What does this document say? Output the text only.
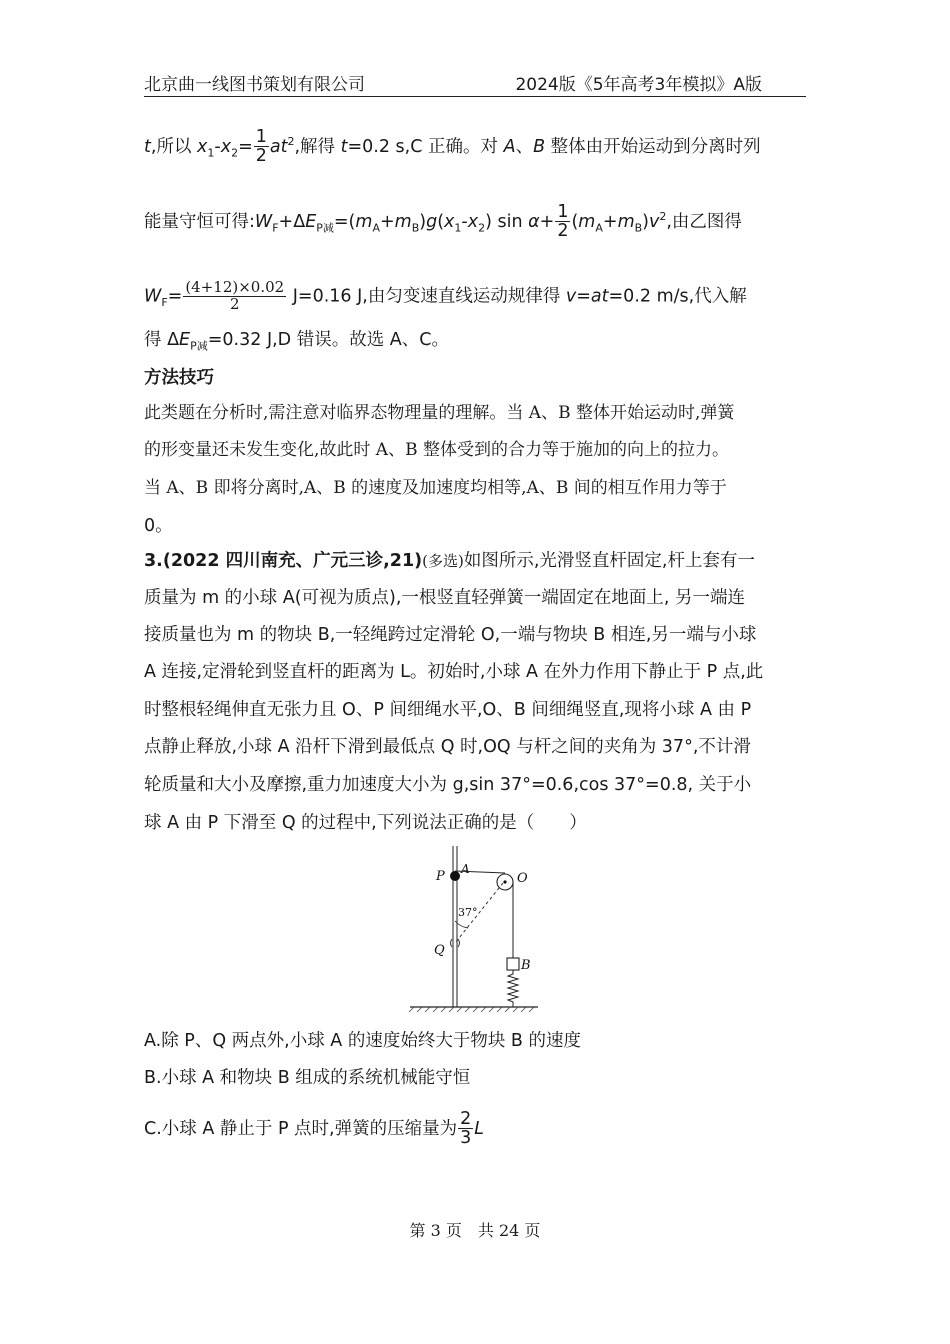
北京曲一线图书策划有限公司	2024版《5年高考3年模拟》A版
t,所以 $x_1-x_2= \frac{1}{2} at^2$,解得 t=0.2 s,C 正确。对 A、B 整体由开始运动到分离时列
能量守恒可得$:W_F+\Delta E_{P减}=(m_A+m_B)g(x_1-x_2)$ $\sin \alpha+ \frac{1}{2} (m_A+m_B)v^2$,由乙图得
$W_F= \frac{(4+12)\times 0.02}{2} J=0.16$ J,由匀变速直线运动规律得 v=at=0.2 m/s,代入解
得 $\Delta E_{P减}=0.32$ J,D 错误。故选 A、C。
方法技巧
此类题在分析时,需注意对临界态物理量的理解。当 A、B 整体开始运动时,弹簧
的形变量还未发生变化,故此时 A、B 整体受到的合力等于施加的向上的拉力。
当 A、B 即将分离时,A、B 的速度及加速度均相等,A、B 间的相互作用力等于
0。
3.(2022 四川南充、广元三诊,21)(多选)如图所示,光滑竖直杆固定,杆上套有一
质量为 m 的小球 A(可视为质点),一根竖直轻弹簧一端固定在地面上, 另一端连
接质量也为 m 的物块 B,一轻绳跨过定滑轮 O,一端与物块 B 相连,另一端与小球
A 连接,定滑轮到竖直杆的距离为 L。初始时,小球 A 在外力作用下静止于 P 点,此
时整根轻绳伸直无张力且 O、P 间细绳水平,O、B 间细绳竖直,现将小球 A 由 P
点静止释放,小球 A 沿杆下滑到最低点 Q 时,OQ 与杆之间的夹角为 37°,不计滑
轮质量和大小及摩擦,重力加速度大小为 g,sin 37°=0.6,cos 37°=0.8, 关于小
球 A 由 P 下滑至 Q 的过程中,下列说法正确的是（　　）
P A
O
Q
B
37°
A.除 P、Q 两点外,小球 A 的速度始终大于物块 B 的速度
B.小球 A 和物块 B 组成的系统机械能守恒
C.小球 A 静止于 P 点时,弹簧的压缩量为 $\frac{2}{3}$ L
第 3 页　共 24 页
